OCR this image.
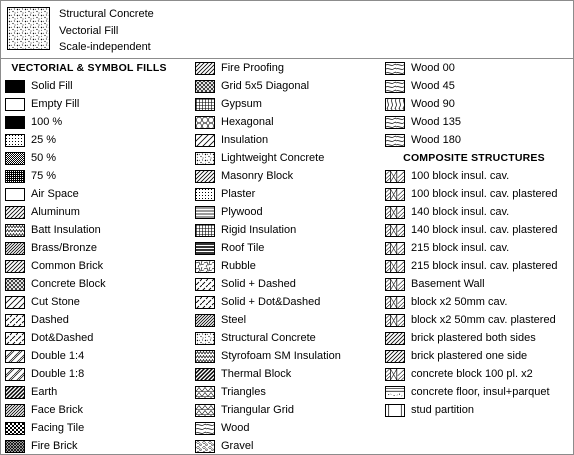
Structural Concrete
Vectorial Fill
Scale-independent
VECTORIAL & SYMBOL FILLS
Solid Fill
Empty Fill
100 %
25 %
50 %
75 %
Air Space
Aluminum
Batt Insulation
Brass/Bronze
Common Brick
Concrete Block
Cut Stone
Dashed
Dot&Dashed
Double 1:4
Double 1:8
Earth
Face Brick
Facing Tile
Fire Brick
Fire Proofing
Grid 5x5 Diagonal
Gypsum
Hexagonal
Insulation
Lightweight Concrete
Masonry Block
Plaster
Plywood
Rigid Insulation
Roof Tile
Rubble
Solid + Dashed
Solid + Dot&Dashed
Steel
Structural Concrete
Styrofoam SM Insulation
Thermal Block
Triangles
Triangular Grid
Wood
Gravel
Wood 00
Wood 45
Wood 90
Wood 135
Wood 180
COMPOSITE STRUCTURES
100 block insul. cav.
100 block insul. cav. plastered
140 block insul. cav.
140 block insul. cav. plastered
215 block insul. cav.
215 block insul. cav. plastered
Basement Wall
block x2 50mm cav.
block x2 50mm cav. plastered
brick plastered both sides
brick plastered one side
concrete block 100 pl. x2
concrete floor, insul+parquet
stud partition
